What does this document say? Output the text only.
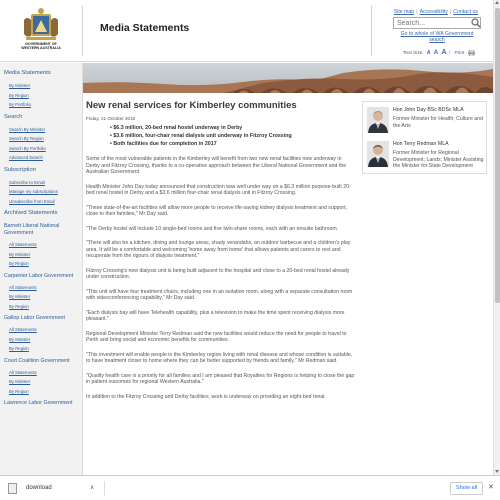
GOVERNMENT OF
WESTERN AUSTRALIA
Media Statements
Site map | Accessibility | Contact us
Search...
Go to whole of WA Government search
Text Size A A A | Print
Media Statements
By Minister
By Region
By Portfolio
Search
Search By Minister
Search By Region
Search By Portfolio
Advanced Search
Subscription
Subscribe to Email
Manage my subscriptions
Unsubscribe from Email
Archived Statements
Barnett Liberal National Government
All Statements
By Minister
By Region
Carpenter Labor Government
All Statements
By Minister
By Region
Gallop Labor Government
All Statements
By Minister
By Region
Court Coalition Government
All Statements
By Minister
By Region
Lawrence Labor Government
New renal services for Kimberley communities
Friday, 21 October 2016
• $6.3 million, 20-bed renal hostel underway in Derby
• $3.6 million, four-chair renal dialysis unit underway in Fitzroy Crossing
• Both facilities due for completion in 2017
Some of the most vulnerable patients in the Kimberley will benefit from two new renal facilities now underway in Derby and Fitzroy Crossing, thanks to a co-operative approach between the Liberal National Government and the Australian Government.
Health Minister John Day today announced that construction was well under way on a $6.3 million purpose-built 20-bed renal hostel in Derby and a $3.6 million four-chair renal dialysis unit in Fitzroy Crossing.
"These state-of-the-art facilities will allow more people to receive life-saving kidney dialysis treatment and support, close to their families," Mr Day said.
"The Derby hostel will include 10 single-bed rooms and five twin-share rooms, each with an ensuite bathroom.
"There will also be a kitchen, dining and lounge areas, shady verandahs, an outdoor barbecue and a children's play area. It will be a comfortable and welcoming 'home away from home' that allows patients and carers to rest and recuperate from the rigours of dialysis treatment."
Fitzroy Crossing's new dialysis unit is being built adjacent to the hospital and close to a 20-bed renal hostel already under construction.
"This unit will have four treatment chairs, including one in an isolation room, along with a separate consultation room with videoconferencing capability," Mr Day said.
"Each dialysis bay will have Telehealth capability, plus a television to make the time spent receiving dialysis more pleasant."
Regional Development Minister Terry Redman said the new facilities would reduce the need for people to travel to Perth and bring social and economic benefits for communities.
"This investment will enable people in the Kimberley region living with renal disease and whose condition is suitable, to have treatment closer to home where they can be better supported by friends and family," Mr Redman said.
"Quality health care is a priority for all families and I am pleased that Royalties for Regions is helping to close the gap in patient outcomes for regional Western Australia."
In addition to the Fitzroy Crossing and Derby facilities, work is underway on providing an eight-bed renal
Hon John Day BSc BDSc MLA
Former Minister for Health; Culture and the Arts
Hon Terry Redman MLA
Former Minister for Regional Development; Lands; Minister Assisting the Minister for State Development
download	∧	Show all	✕
